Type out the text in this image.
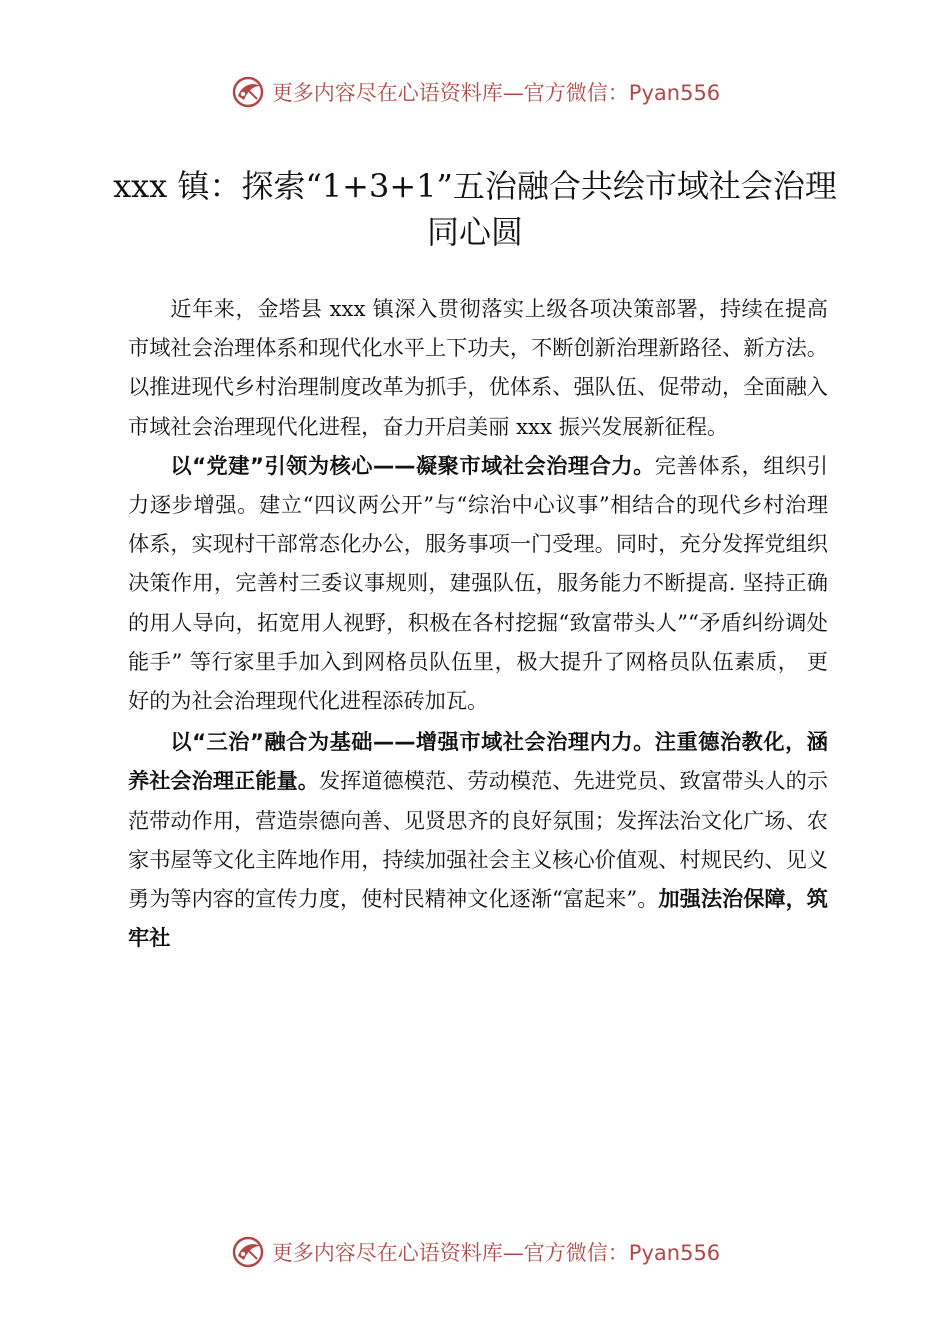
更多内容尽在心语资料库—官方微信：Pyan556
xxx 镇：探索“1+3+1”五治融合共绘市域社会治理同心圆

近年来，金塔县 xxx 镇深入贯彻落实上级各项决策部署，持续在提高市域社会治理体系和现代化水平上下功夫，不断创新治理新路径、新方法。以推进现代乡村治理制度改革为抓手，优体系、强队伍、促带动，全面融入市域社会治理现代化进程，奋力开启美丽 xxx 振兴发展新征程。

以“党建”引领为核心——凝聚市域社会治理合力。完善体系，组织引力逐步增强。建立“四议两公开”与“综治中心议事”相结合的现代乡村治理体系，实现村干部常态化办公，服务事项一门受理。同时，充分发挥党组织决策作用，完善村三委议事规则，建强队伍，服务能力不断提高. 坚持正确的用人导向，拓宽用人视野，积极在各村挖掘“致富带头人”“矛盾纠纷调处能手” 等行家里手加入到网格员队伍里，极大提升了网格员队伍素质， 更好的为社会治理现代化进程添砖加瓦。

以“三治”融合为基础——增强市域社会治理内力。注重德治教化，涵养社会治理正能量。发挥道德模范、劳动模范、先进党员、致富带头人的示范带动作用，营造崇德向善、见贤思齐的良好氛围；发挥法治文化广场、农家书屋等文化主阵地作用，持续加强社会主义核心价值观、村规民约、见义勇为等内容的宣传力度，使村民精神文化逐渐“富起来”。加强法治保障，筑牢社

更多内容尽在心语资料库—官方微信：Pyan556
